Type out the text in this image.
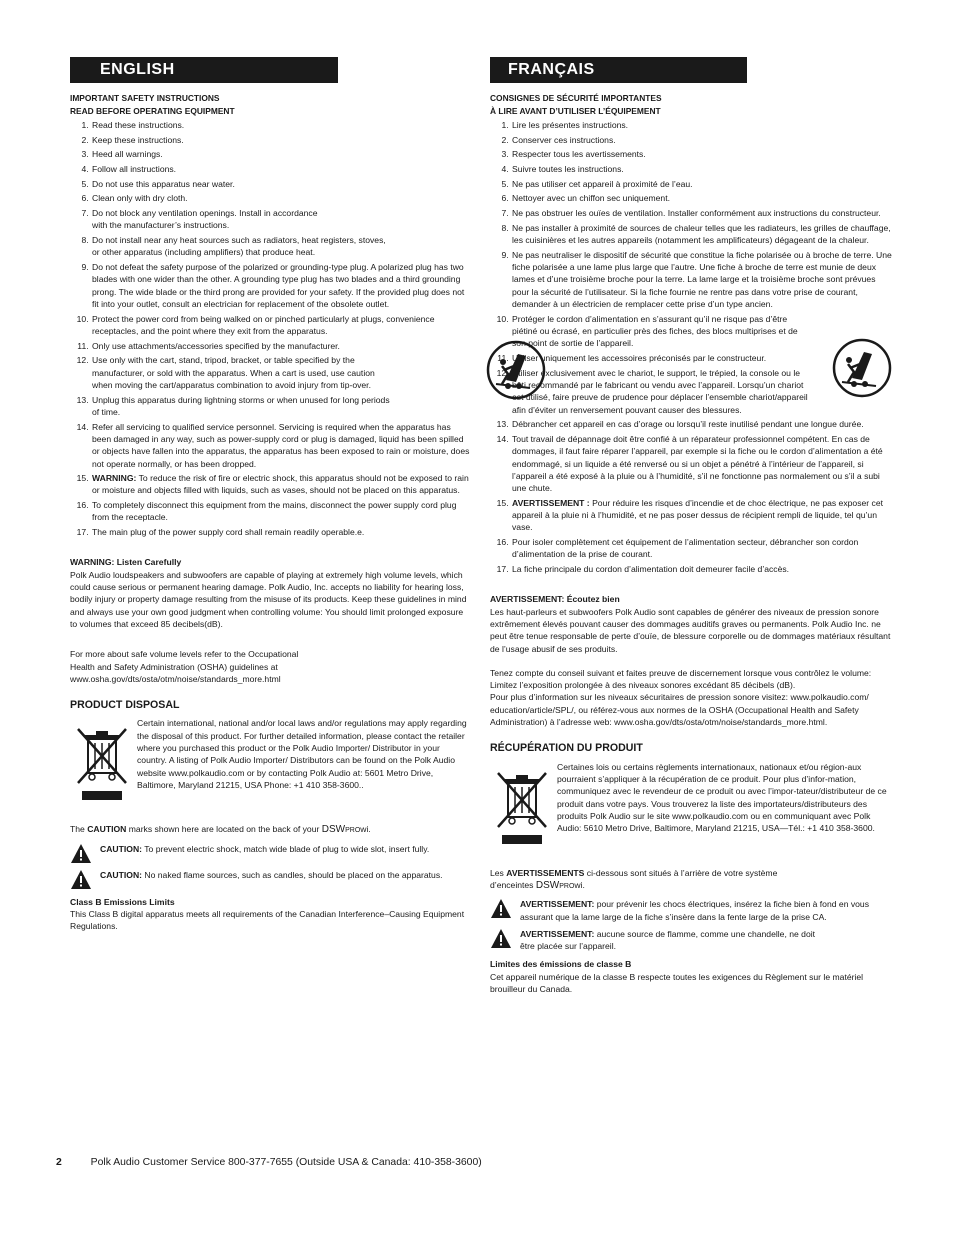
ENGLISH
IMPORTANT SAFETY INSTRUCTIONS
READ BEFORE OPERATING EQUIPMENT
1. Read these instructions.
2. Keep these instructions.
3. Heed all warnings.
4. Follow all instructions.
5. Do not use this apparatus near water.
6. Clean only with dry cloth.
7. Do not block any ventilation openings. Install in accordance with the manufacturer’s instructions.
8. Do not install near any heat sources such as radiators, heat registers, stoves, or other apparatus (including amplifiers) that produce heat.
9. Do not defeat the safety purpose of the polarized or grounding-type plug. A polarized plug has two blades with one wider than the other. A grounding type plug has two blades and a third grounding prong. The wide blade or the third prong are provided for your safety. If the provided plug does not fit into your outlet, consult an electrician for replacement of the obsolete outlet.
10. Protect the power cord from being walked on or pinched particularly at plugs, convenience receptacles, and the point where they exit from the apparatus.
11. Only use attachments/accessories specified by the manufacturer.
12. Use only with the cart, stand, tripod, bracket, or table specified by the manufacturer, or sold with the apparatus. When a cart is used, use caution when moving the cart/apparatus combination to avoid injury from tip-over.
13. Unplug this apparatus during lightning storms or when unused for long periods of time.
14. Refer all servicing to qualified service personnel. Servicing is required when the apparatus has been damaged in any way, such as power-supply cord or plug is damaged, liquid has been spilled or objects have fallen into the apparatus, the apparatus has been exposed to rain or moisture, does not operate normally, or has been dropped.
15. WARNING: To reduce the risk of fire or electric shock, this apparatus should not be exposed to rain or moisture and objects filled with liquids, such as vases, should not be placed on this apparatus.
16. To completely disconnect this equipment from the mains, disconnect the power supply cord plug from the receptacle.
17. The main plug of the power supply cord shall remain readily operable.e.
WARNING: Listen Carefully
Polk Audio loudspeakers and subwoofers are capable of playing at extremely high volume levels, which could cause serious or permanent hearing damage. Polk Audio, Inc. accepts no liability for hearing loss, bodily injury or property damage resulting from the misuse of its products. Keep these guidelines in mind and always use your own good judgment when controlling volume: You should limit prolonged exposure to volumes that exceed 85 decibels(dB).
For more about safe volume levels refer to the Occupational Health and Safety Administration (OSHA) guidelines at www.osha.gov/dts/osta/otm/noise/standards_more.html
PRODUCT DISPOSAL
Certain international, national and/or local laws and/or regulations may apply regarding the disposal of this product. For further detailed information, please contact the retailer where you purchased this product or the Polk Audio Importer/ Distributor in your country. A listing of Polk Audio Importer/ Distributors can be found on the Polk Audio website www.polkaudio.com or by contacting Polk Audio at: 5601 Metro Drive, Baltimore, Maryland 21215, USA Phone: +1 410 358-3600..
The CAUTION marks shown here are located on the back of your DSWPROwi.
CAUTION: To prevent electric shock, match wide blade of plug to wide slot, insert fully.
CAUTION: No naked flame sources, such as candles, should be placed on the apparatus.
Class B Emissions Limits
This Class B digital apparatus meets all requirements of the Canadian Interference–Causing Equipment Regulations.
FRANÇAIS
CONSIGNES DE SÉCURITÉ IMPORTANTES
À LIRE AVANT D’UTILISER L’ÉQUIPEMENT
1. Lire les présentes instructions.
2. Conserver ces instructions.
3. Respecter tous les avertissements.
4. Suivre toutes les instructions.
5. Ne pas utiliser cet appareil à proximité de l’eau.
6. Nettoyer avec un chiffon sec uniquement.
7. Ne pas obstruer les ouïes de ventilation. Installer conformément aux instructions du constructeur.
8. Ne pas installer à proximité de sources de chaleur telles que les radiateurs, les grilles de chauffage, les cuisinières et les autres appareils (notamment les amplificateurs) dégageant de la chaleur.
9. Ne pas neutraliser le dispositif de sécurité que constitue la fiche polarisée ou à broche de terre. Une fiche polarisée a une lame plus large que l’autre. Une fiche à broche de terre est munie de deux lames et d’une troisième broche pour la terre. La lame large et la troisième broche sont prévues pour la sécurité de l’utilisateur. Si la fiche fournie ne rentre pas dans votre prise de courant, demander à un électricien de remplacer cette prise d’un type ancien.
10. Protéger le cordon d’alimentation en s’assurant qu’il ne risque pas d’être piétiné ou écrasé, en particulier près des fiches, des blocs multiprises et de son point de sortie de l’appareil.
11. Utiliser uniquement les accessoires préconisés par le constructeur.
12. Utiliser exclusivement avec le chariot, le support, le trépied, la console ou le bâti recommandé par le fabricant ou vendu avec l’appareil. Lorsqu’un chariot est utilisé, faire preuve de prudence pour déplacer l’ensemble chariot/appareil afin d’éviter un renversement pouvant causer des blessures.
13. Débrancher cet appareil en cas d’orage ou lorsqu’il reste inutilisé pendant une longue durée.
14. Tout travail de dépannage doit être confié à un réparateur professionnel compétent. En cas de dommages, il faut faire réparer l’appareil, par exemple si la fiche ou le cordon d’alimentation a été endommagé, si un liquide a été renversé ou si un objet a pénétré à l’intérieur de l’appareil, si l’appareil a été exposé à la pluie ou à l’humidité, s’il ne fonctionne pas normalement ou s’il a subi une chute.
15. AVERTISSEMENT : Pour réduire les risques d’incendie et de choc électrique, ne pas exposer cet appareil à la pluie ni à l’humidité, et ne pas poser dessus de récipient rempli de liquide, tel qu’un vase.
16. Pour isoler complètement cet équipement de l’alimentation secteur, débrancher son cordon d’alimentation de la prise de courant.
17. La fiche principale du cordon d’alimentation doit demeurer facile d’accès.
AVERTISSEMENT: Écoutez bien
Les haut-parleurs et subwoofers Polk Audio sont capables de générer des niveaux de pression sonore extrêmement élevés pouvant causer des dommages auditifs graves ou permanents. Polk Audio Inc. ne peut être tenue responsable de perte d’ouïe, de blessure corporelle ou de dommages matériaux résultant de l’usage abusif de ses produits.
Tenez compte du conseil suivant et faites preuve de discernement lorsque vous contrôlez le volume: Limitez l’exposition prolongée à des niveaux sonores excédant 85 décibels (dB).
Pour plus d’information sur les niveaux sécuritaires de pression sonore visitez: www.polkaudio.com/ education/article/SPL/, ou référez-vous aux normes de la OSHA (Occupational Health and Safety Administration) à l’adresse web: www.osha.gov/dts/osta/otm/noise/standards_more.html.
RÉCUPÉRATION DU PRODUIT
Certaines lois ou certains règlements internationaux, nationaux et/ou région-aux pourraient s’appliquer à la récupération de ce produit. Pour plus d’infor-mation, communiquez avec le revendeur de ce produit ou avec l’impor-tateur/distributeur de ce produit dans votre pays. Vous trouverez la liste des importateurs/distributeurs des produits Polk Audio sur le site www.polkaudio.com ou en communiquant avec Polk Audio: 5610 Metro Drive, Baltimore, Maryland 21215, USA—Tél.: +1 410 358-3600.
Les AVERTISSEMENTS ci-dessous sont situés à l’arrière de votre système d’enceintes DSWPROwi.
AVERTISSEMENT: pour prévenir les chocs électriques, insérez la fiche bien à fond en vous assurant que la lame large de la fiche s’insère dans la fente large de la prise CA.
AVERTISSEMENT: aucune source de flamme, comme une chandelle, ne doit être placée sur l’appareil.
Limites des émissions de classe B
Cet appareil numérique de la classe B respecte toutes les exigences du Règlement sur le matériel brouilleur du Canada.
2	Polk Audio Customer Service 800-377-7655 (Outside USA & Canada: 410-358-3600)
